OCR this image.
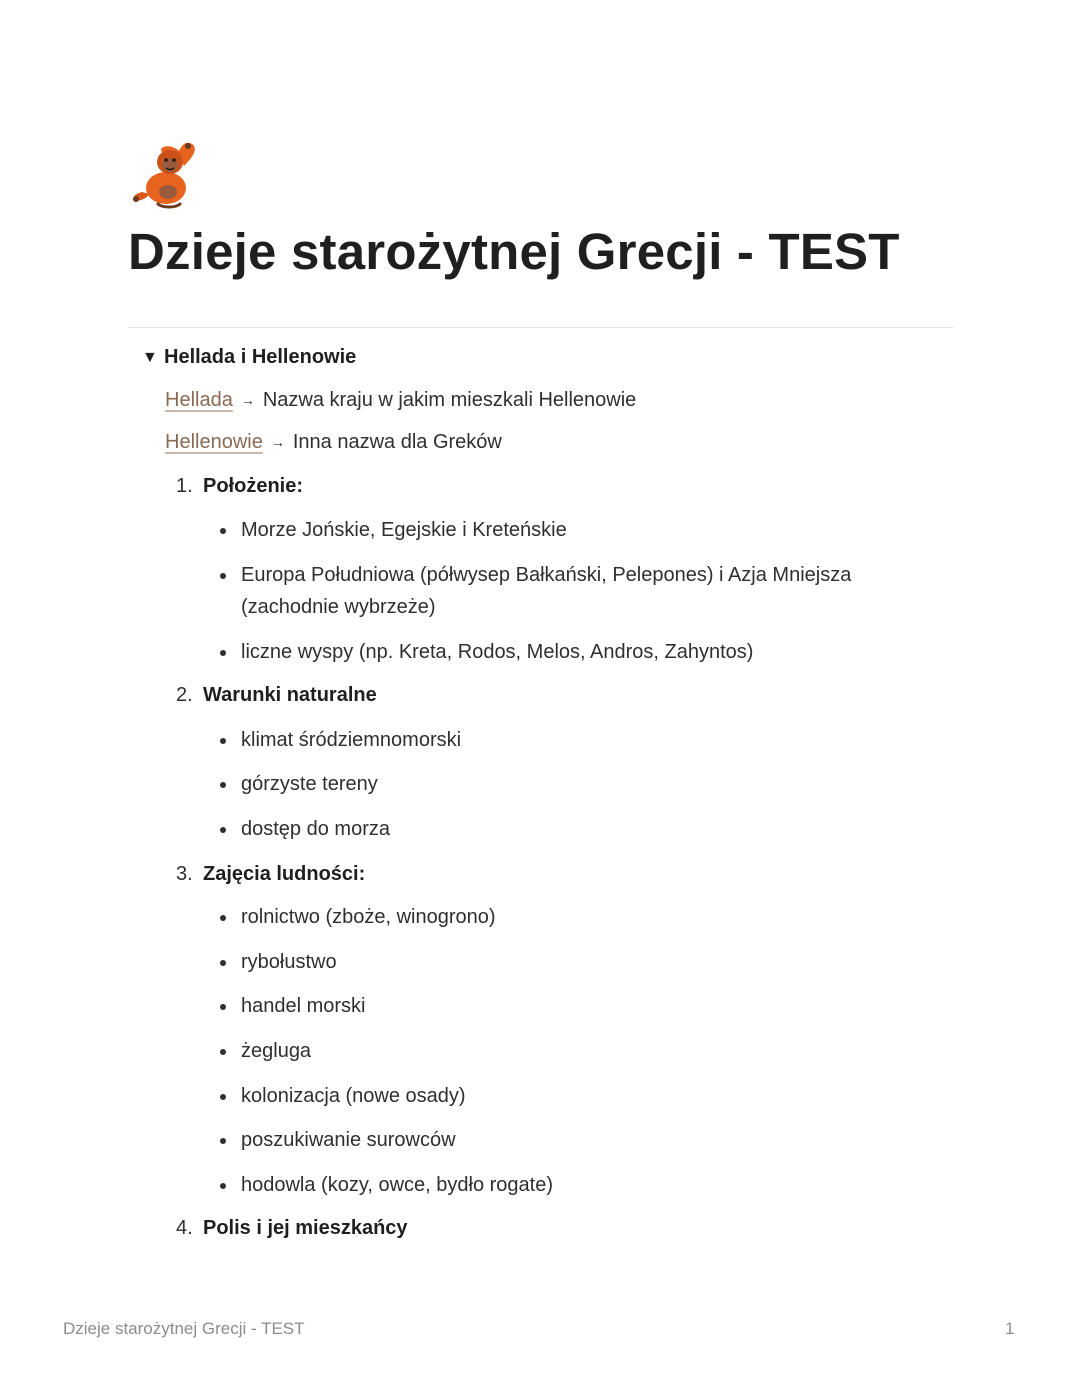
Dzieje starożytnej Grecji - TEST
▼ Hellada i Hellenowie
Hellada → Nazwa kraju w jakim mieszkali Hellenowie
Hellenowie → Inna nazwa dla Greków
1. Położenie:
Morze Jońskie, Egejskie i Kreteńskie
Europa Południowa (półwysep Bałkański, Pelepones) i Azja Mniejsza
(zachodnie wybrzeże)
liczne wyspy (np. Kreta, Rodos, Melos, Andros, Zahyntos)
2. Warunki naturalne
klimat śródziemnomorski
górzyste tereny
dostęp do morza
3. Zajęcia ludności:
rolnictwo (zboże, winogrono)
rybołustwo
handel morski
żegluga
kolonizacja (nowe osady)
poszukiwanie surowców
hodowla (kozy, owce, bydło rogate)
4. Polis i jej mieszkańcy
Dzieje starożytnej Grecji - TEST	1
